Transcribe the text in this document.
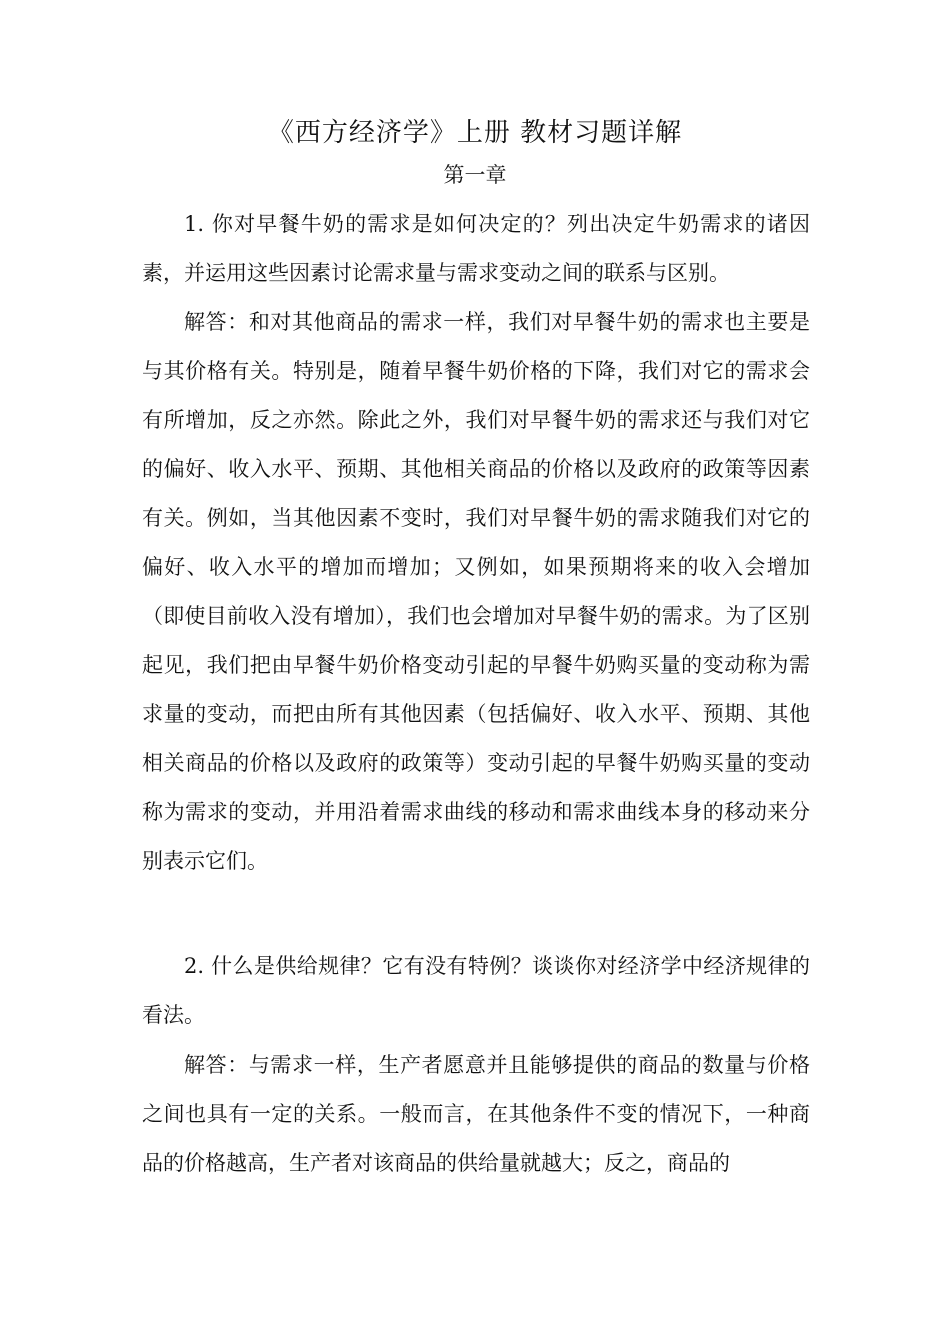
《西方经济学》上册 教材习题详解
第一章

1. 你对早餐牛奶的需求是如何决定的？列出决定牛奶需求的诸因素，并运用这些因素讨论需求量与需求变动之间的联系与区别。

解答：和对其他商品的需求一样，我们对早餐牛奶的需求也主要是与其价格有关。特别是，随着早餐牛奶价格的下降，我们对它的需求会有所增加，反之亦然。除此之外，我们对早餐牛奶的需求还与我们对它的偏好、收入水平、预期、其他相关商品的价格以及政府的政策等因素有关。例如，当其他因素不变时，我们对早餐牛奶的需求随我们对它的偏好、收入水平的增加而增加；又例如，如果预期将来的收入会增加（即使目前收入没有增加），我们也会增加对早餐牛奶的需求。为了区别起见，我们把由早餐牛奶价格变动引起的早餐牛奶购买量的变动称为需求量的变动，而把由所有其他因素（包括偏好、收入水平、预期、其他相关商品的价格以及政府的政策等）变动引起的早餐牛奶购买量的变动称为需求的变动，并用沿着需求曲线的移动和需求曲线本身的移动来分别表示它们。

2. 什么是供给规律？它有没有特例？谈谈你对经济学中经济规律的看法。

解答：与需求一样，生产者愿意并且能够提供的商品的数量与价格之间也具有一定的关系。一般而言，在其他条件不变的情况下，一种商品的价格越高，生产者对该商品的供给量就越大；反之，商品的
